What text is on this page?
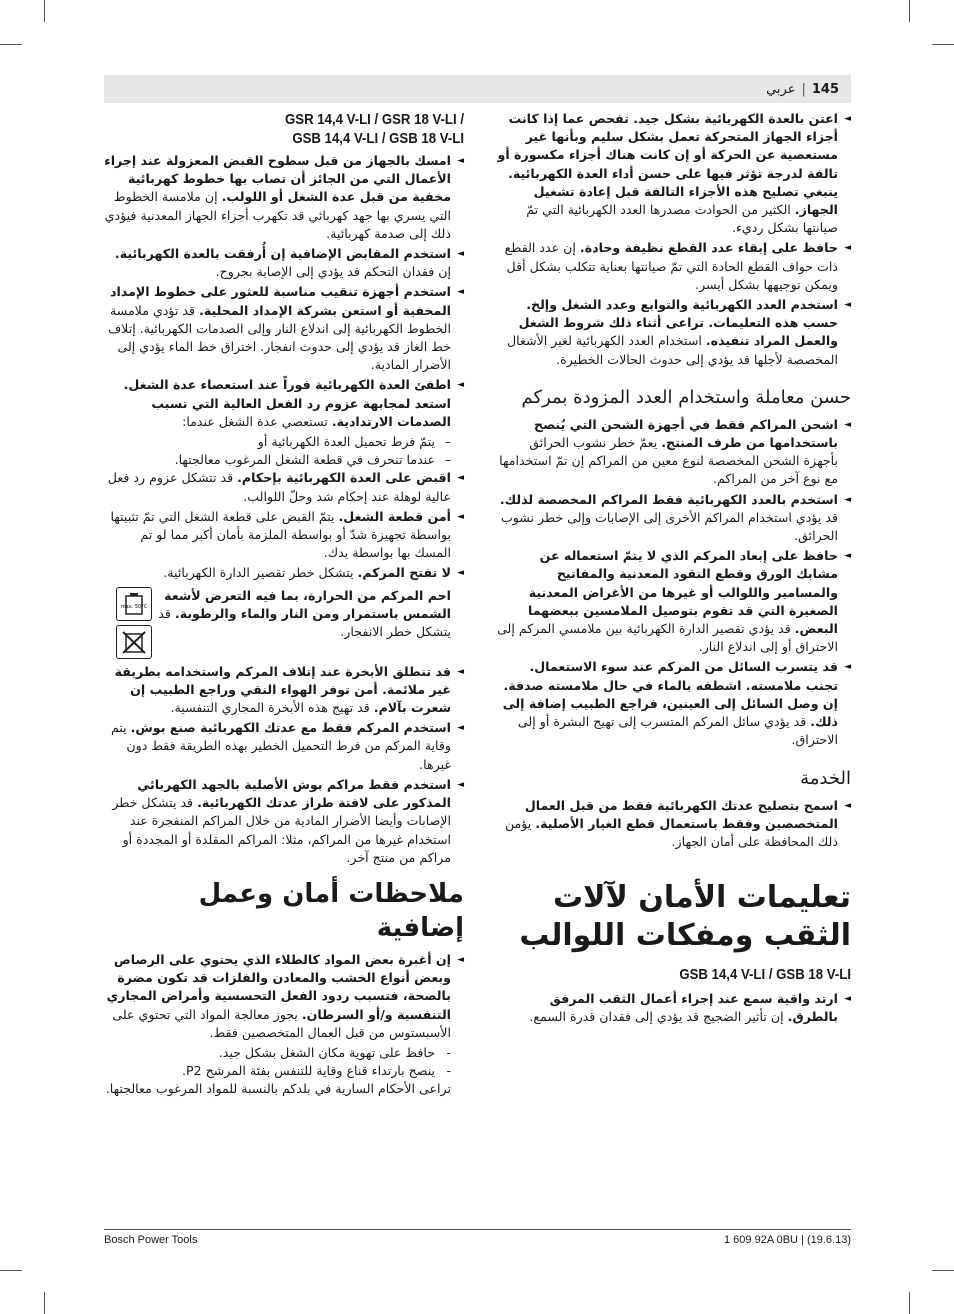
عربي | 145
◄
اعتن بالعدة الكهربائية بشكل جيد. تفحص عما إذا كانت أجزاء الجهاز المتحركة تعمل بشكل سليم وبأنها غير مستعصية عن الحركة أو إن كانت هناك أجزاء مكسورة أو تالفة لدرجة تؤثر فيها على حسن أداء العدة الكهربائية. ينبغي تصليح هذه الأجزاء التالفة قبل إعادة تشغيل الجهاز. الكثير من الحوادث مصدرها العدد الكهربائية التي تمّ صيانتها بشكل رديء.
◄
حافظ على إبقاء عدد القطع نظيفة وحادة. إن عدد القطع ذات حواف القطع الحادة التي تمّ صيانتها بعناية تتكلب بشكل أقل ويمكن توجيهها بشكل أيسر.
◄
استخدم العدد الكهربائية والتوابع وعدد الشغل وإلخ. حسب هذه التعليمات. تراعى أثناء ذلك شروط الشغل والعمل المراد تنفيذه. استخدام العدد الكهربائية لغير الأشغال المخصصة لأجلها قد يؤدي إلى حدوث الحالات الخطيرة.
حسن معاملة واستخدام العدد المزودة بمركم
◄
اشحن المراكم فقط في أجهزة الشحن التي يُنصح باستخدامها من طرف المنتج. يعمّ خطر نشوب الحرائق بأجهزة الشحن المخصصة لنوع معين من المراكم إن تمّ استخدامها مع نوع آخر من المراكم.
◄
استخدم بالعدد الكهربائية فقط المراكم المخصصة لذلك. قد يؤدي استخدام المراكم الأخرى إلى الإصابات وإلى خطر نشوب الحرائق.
◄
حافظ على إبعاد المركم الذي لا يتمّ استعماله عن مشابك الورق وقطع النقود المعدنية والمفاتيح والمسامير واللوالب أو غيرها من الأغراض المعدنية الصغيرة التي قد تقوم بتوصيل الملامسين ببعضهما البعض. قد يؤدي تقصير الدارة الكهربائية بين ملامسي المركم إلى الاحتراق أو إلى اندلاع النار.
◄
قد يتسرب السائل من المركم عند سوء الاستعمال. تجنب ملامسته. اشطفه بالماء في حال ملامسته صدفة. إن وصل السائل إلى العينين، فراجع الطبيب إضافة إلى ذلك. قد يؤدي سائل المركم المتسرب إلى تهيج البشرة أو إلى الاحتراق.
الخدمة
◄
اسمح بتصليح عدتك الكهربائية فقط من قبل العمال المتخصصين وفقط باستعمال قطع الغيار الأصلية. يؤمن ذلك المحافظة على أمان الجهاز.
تعليمات الأمان لآلات الثقب ومفكات اللوالب
GSB 14,4 V-LI / GSB 18 V-LI
◄
ارتد واقية سمع عند إجراء أعمال الثقب المرفق بالطرق. إن تأثير الضجيج قد يؤدي إلى فقدان قدرة السمع.
GSR 14,4 V-LI / GSR 18 V-LI / GSB 14,4 V-LI / GSB 18 V-LI
◄
امسك بالجهاز من قبل سطوح القبض المعزولة عند إجراء الأعمال التي من الجائز أن تصاب بها خطوط كهربائية مخفية من قبل عدة الشغل أو اللولب. إن ملامسة الخطوط التي يسري بها جهد كهربائي قد تكهرب أجزاء الجهاز المعدنية فيؤدي ذلك إلى صدمة كهربائية.
◄
استخدم المقابض الإضافية إن أُرفقت بالعدة الكهربائية. إن فقدان التحكم قد يؤدي إلى الإصابة بجروح.
◄
استخدم أجهزة تنقيب مناسبة للعثور على خطوط الإمداد المخفية أو استعن بشركة الإمداد المحلية. قد تؤدي ملامسة الخطوط الكهربائية إلى اندلاع النار وإلى الصدمات الكهربائية. إتلاف خط الغاز قد يؤدي إلى حدوث انفجار. اختراق خط الماء يؤدي إلى الأضرار المادية.
◄
اطفئ العدة الكهربائية فوراً عند استعصاء عدة الشغل. استعد لمجابهة عزوم رد الفعل العالية التي تسبب الصدمات الارتدادية. تستعصي عدة الشغل عندما:
–
يتمّ فرط تحميل العدة الكهربائية أو
–
عندما تنحرف في قطعة الشغل المرغوب معالجتها.
◄
اقبض على العدة الكهربائية بإحكام. قد تتشكل عزوم رد فعل عالية لوهلة عند إحكام شد وحلّ اللوالب.
◄
أمن قطعة الشغل. يتمّ القبض على قطعة الشغل التي تمّ تثبيتها بواسطة تجهيزة شدّ أو بواسطة الملزمة بأمان أكبر مما لو تم المسك بها بواسطة يدك.
◄
لا تفتح المركم. يتشكل خطر تقصير الدارة الكهربائية.
احم المركم من الحرارة، بما فيه التعرض لأشعة الشمس باستمرار ومن النار والماء والرطوبة. قد يتشكل خطر الانفجار.
max. 50°C
◄
قد تنطلق الأبخرة عند إتلاف المركم واستخدامه بطريقة غير ملائمة. أمن توفر الهواء النقي وراجع الطبيب إن شعرت بآلام. قد تهيج هذه الأبخرة المجاري التنفسية.
◄
استخدم المركم فقط مع عدتك الكهربائية صنع بوش. يتم وقاية المركم من فرط التحميل الخطير بهذه الطريقة فقط دون غيرها.
◄
استخدم فقط مراكم بوش الأصلية بالجهد الكهربائي المذكور على لافتة طراز عدتك الكهربائية. قد يتشكل خطر الإصابات وأيضا الأضرار المادية من خلال المراكم المنفجرة عند استخدام غيرها من المراكم، مثلا: المراكم المقلدة أو المجددة أو مراكم من منتج آخر.
ملاحظات أمان وعمل إضافية
◄
إن أغبرة بعض المواد كالطلاء الذي يحتوي على الرصاص وبعض أنواع الخشب والمعادن والفلزات قد تكون مضرة بالصحة، فتسبب ردود الفعل التحسسية وأمراض المجاري التنفسية و/أو السرطان. يجوز معالجة المواد التي تحتوي على الأسبستوس من قبل العمال المتخصصين فقط.
-
حافظ على تهوية مكان الشغل بشكل جيد.
-
ينصح بارتداء قناع وقاية للتنفس بفئة المرشح P2.
تراعى الأحكام السارية في بلدكم بالنسبة للمواد المرغوب معالجتها.
Bosch Power Tools	1 609 92A 0BU | (19.6.13)
